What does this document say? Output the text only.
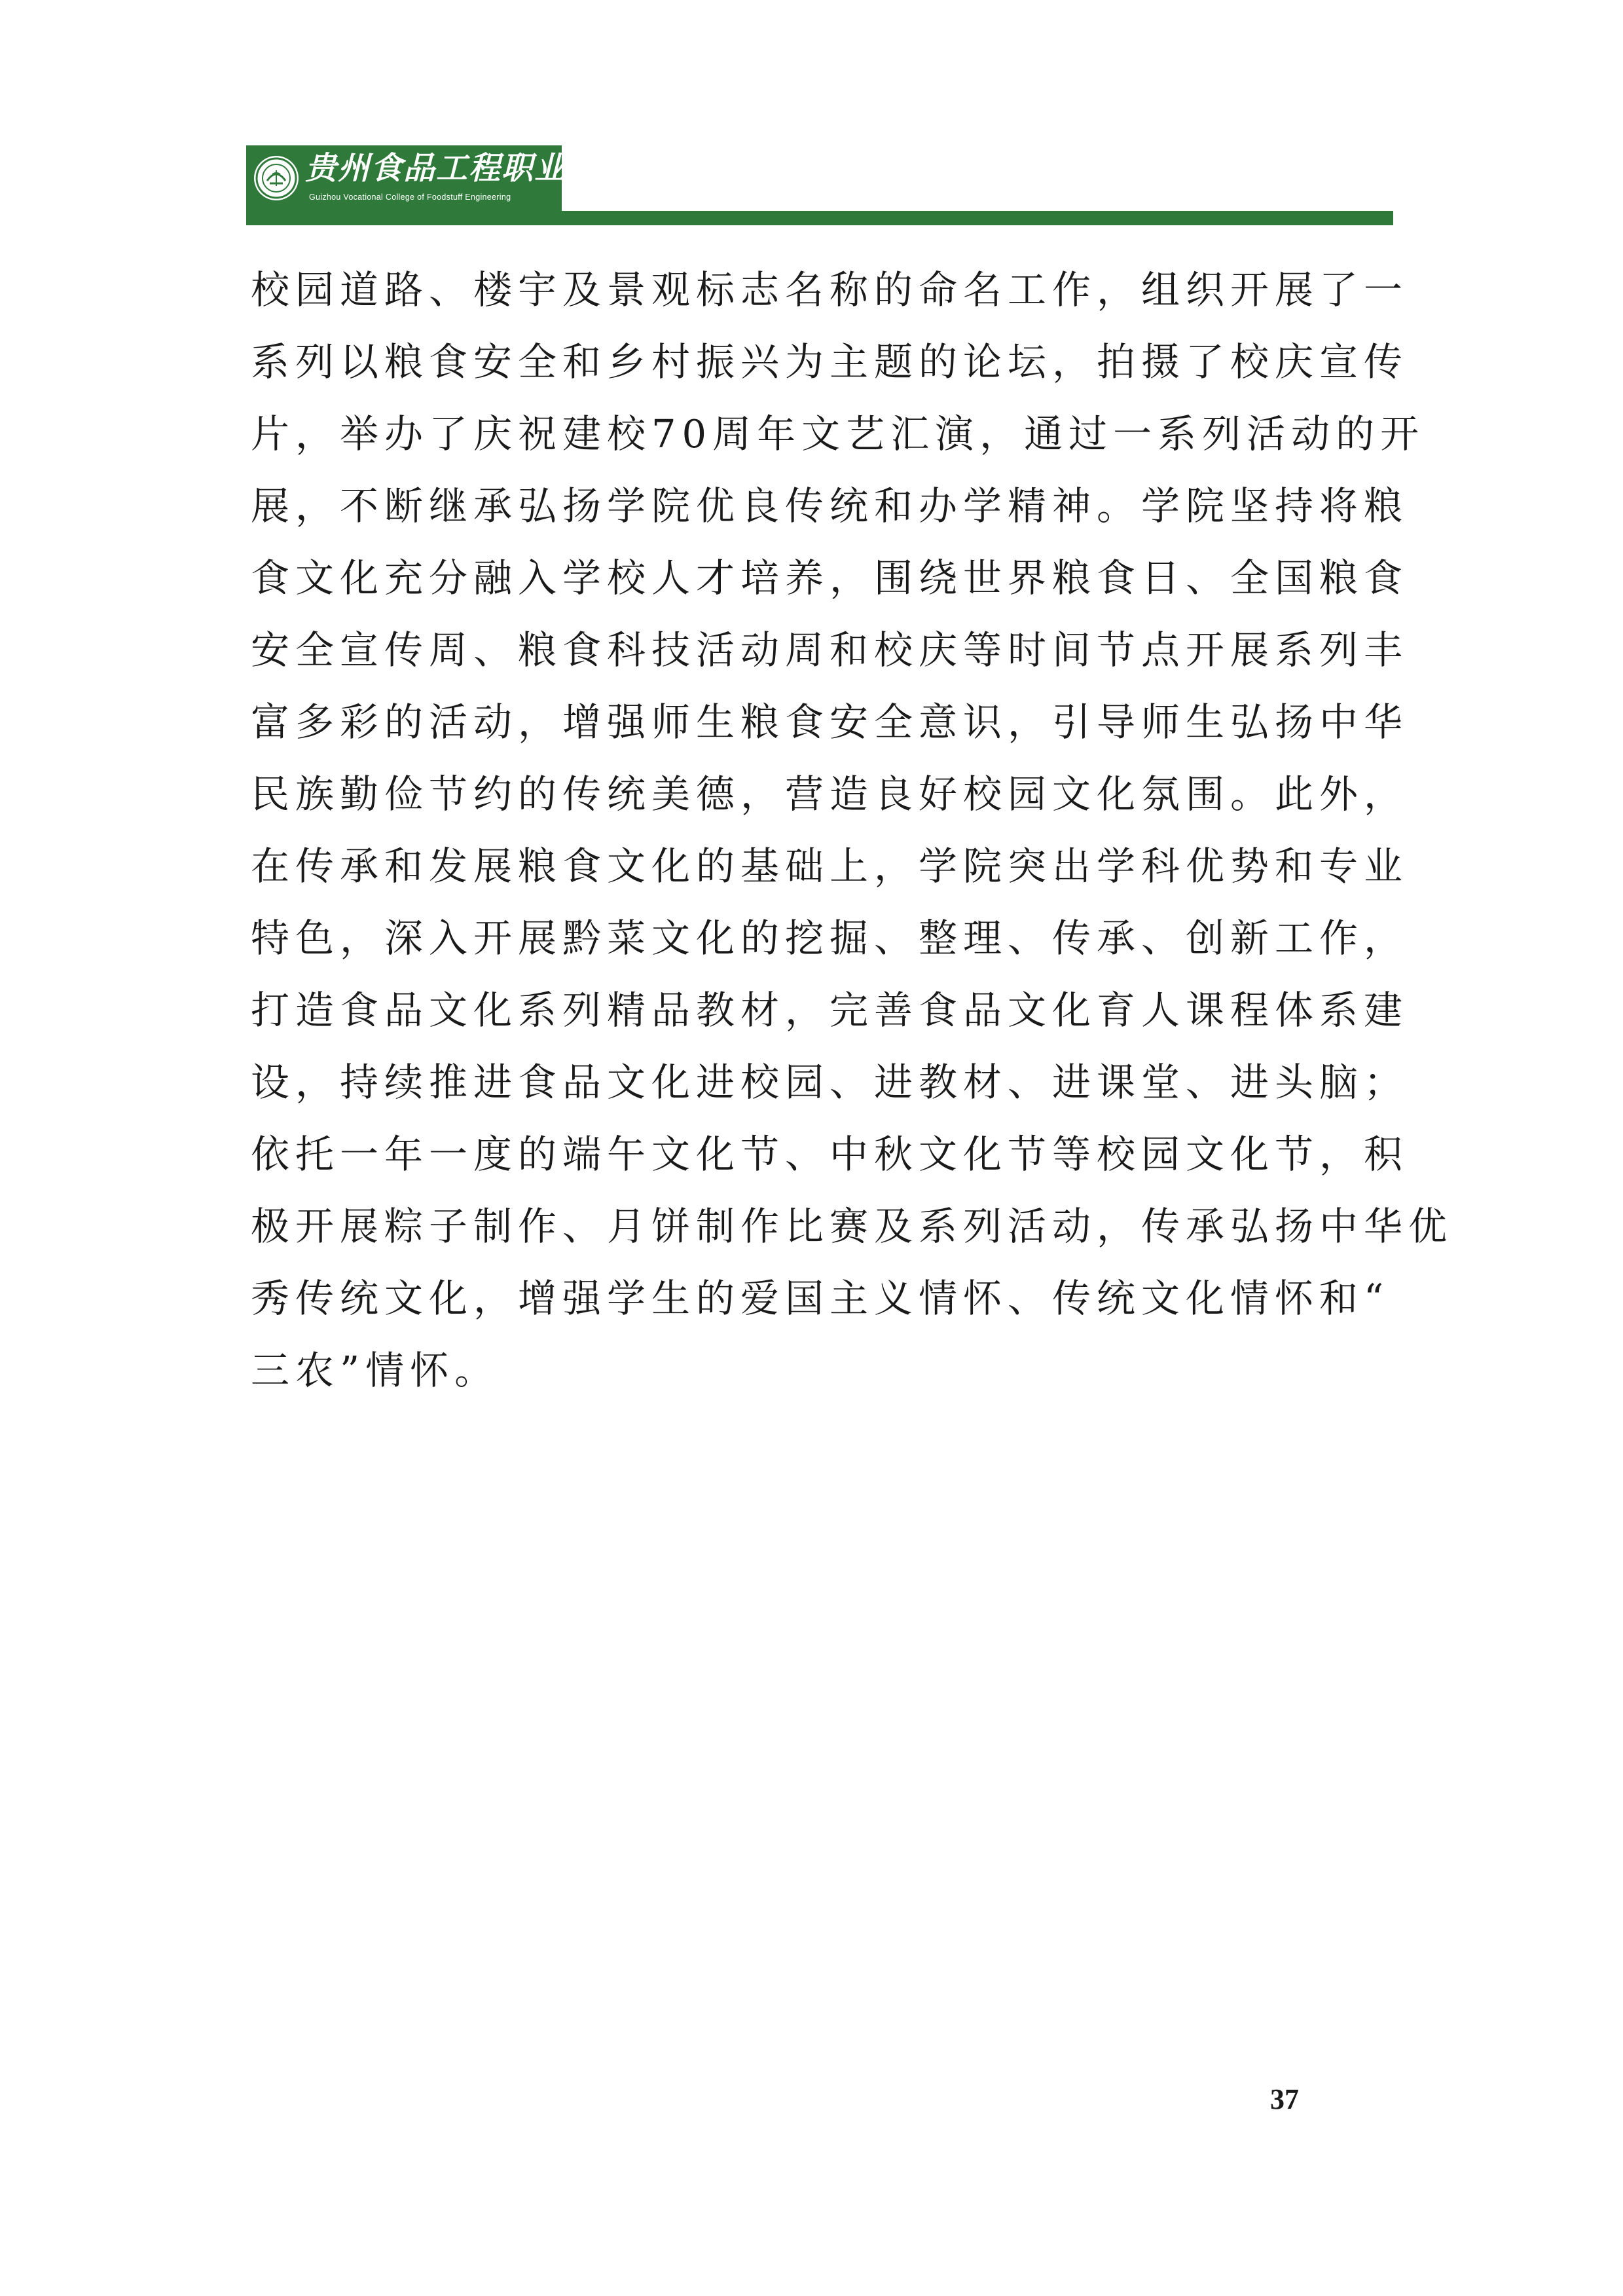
贵州食品工程职业学院
Guizhou Vocational College of Foodstuff Engineering
校园道路、楼宇及景观标志名称的命名工作，组织开展了一
系列以粮食安全和乡村振兴为主题的论坛，拍摄了校庆宣传
片，举办了庆祝建校70周年文艺汇演，通过一系列活动的开
展，不断继承弘扬学院优良传统和办学精神。学院坚持将粮
食文化充分融入学校人才培养，围绕世界粮食日、全国粮食
安全宣传周、粮食科技活动周和校庆等时间节点开展系列丰
富多彩的活动，增强师生粮食安全意识，引导师生弘扬中华
民族勤俭节约的传统美德，营造良好校园文化氛围。此外，
在传承和发展粮食文化的基础上，学院突出学科优势和专业
特色，深入开展黔菜文化的挖掘、整理、传承、创新工作，
打造食品文化系列精品教材，完善食品文化育人课程体系建
设，持续推进食品文化进校园、进教材、进课堂、进头脑；
依托一年一度的端午文化节、中秋文化节等校园文化节，积
极开展粽子制作、月饼制作比赛及系列活动，传承弘扬中华优
秀传统文化，增强学生的爱国主义情怀、传统文化情怀和“
三农”情怀。
37
